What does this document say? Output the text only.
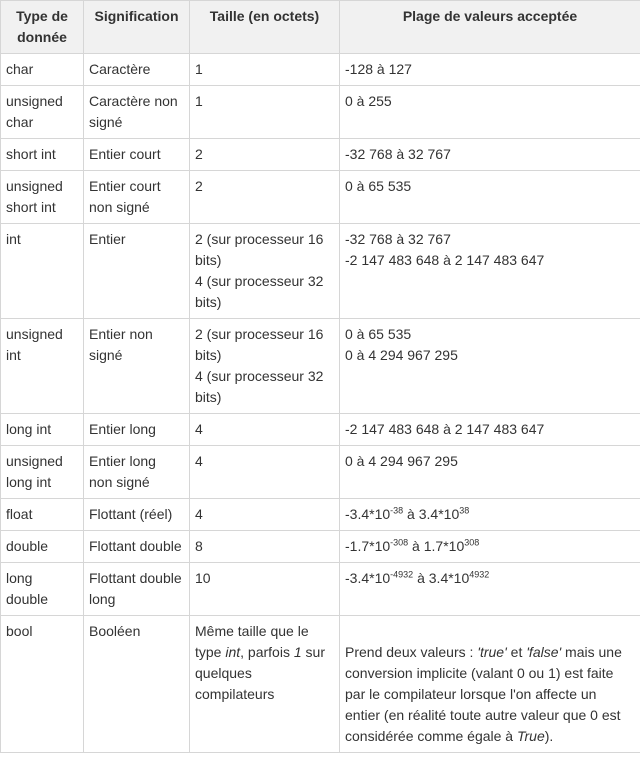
Type de donnée	Signification	Taille (en octets)	Plage de valeurs acceptée
char	Caractère	1	-128 à 127

unsigned char	Caractère non signé	1	0 à 255

short int	Entier court	2	-32 768 à 32 767

unsigned short int	Entier court non signé	2	0 à 65 535

int	Entier	2 (sur processeur 16 bits)
4 (sur processeur 32 bits)	-32 768 à 32 767
-2 147 483 648 à 2 147 483 647

unsigned int	Entier non signé	2 (sur processeur 16 bits)
4 (sur processeur 32 bits)	0 à 65 535
0 à 4 294 967 295

long int	Entier long	4	-2 147 483 648 à 2 147 483 647

unsigned long int	Entier long non signé	4	0 à 4 294 967 295

float	Flottant (réel)	4	$-3.4*10^{-38}$ à $3.4*10^{38}$
double	Flottant double	8	$-1.7*10^{-308}$ à $1.7*10^{308}$
long double	Flottant double long	10	$-3.4*10^{-4932}$ à $3.4*10^{4932}$
bool	Booléen	Même taille que le type int, parfois 1 sur quelques compilateurs	Prend deux valeurs : 'true' et 'false' mais une conversion implicite (valant 0 ou 1) est faite par le compilateur lorsque l'on affecte un entier (en réalité toute autre valeur que 0 est considérée comme égale à True).
